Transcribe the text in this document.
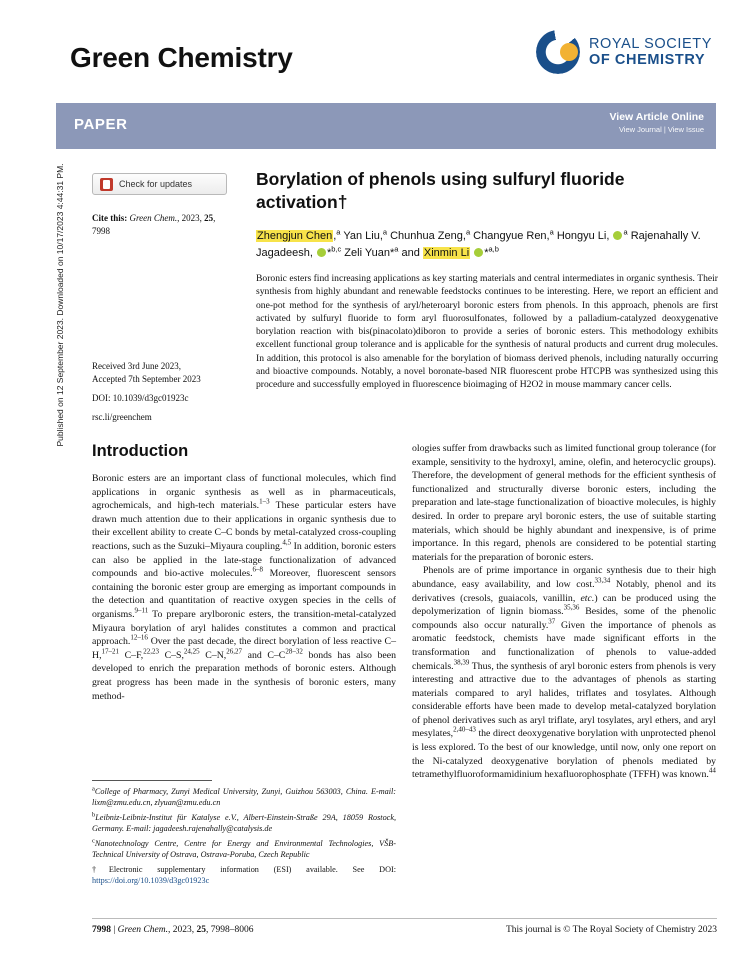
Published on 12 September 2023. Downloaded on 10/17/2023 4:44:31 PM.
Green Chemistry	ROYAL SOCIETY
OF CHEMISTRY
PAPER	View Article Online
View Journal | View Issue
Check for updates
Cite this: Green Chem., 2023, 25, 7998
Received 3rd June 2023,
Accepted 7th September 2023
DOI: 10.1039/d3gc01923c
rsc.li/greenchem
Borylation of phenols using sulfuryl fluoride activation†
Zhengjun Chen,$^a$ Yan Liu,$^a$ Chunhua Zeng,$^a$ Changyue Ren,$^a$ Hongyu Li, $^a$ Rajenahally V. Jagadeesh, *$^{b,c}$ Zeli Yuan*$^a$ and Xinmin Li *$^{a,b}$
Boronic esters find increasing applications as key starting materials and central intermediates in organic synthesis. Their synthesis from highly abundant and renewable feedstocks continues to be interesting. Here, we report an efficient and one-pot method for the synthesis of aryl/heteroaryl boronic esters from phenols. In this approach, phenols are first activated by sulfuryl fluoride to form aryl fluorosulfonates, followed by a palladium-catalyzed deoxygenative borylation reaction with bis(pinacolato)diboron to provide a series of boronic esters. This methodology exhibits excellent functional group tolerance and is applicable for the synthesis of natural products and current drug molecules. In addition, this protocol is also amenable for the borylation of biomass derived phenols, including naturally occurring and bioactive compounds. Notably, a novel boronate-based NIR fluorescent probe HTCPB was synthesized using this procedure and successfully employed in fluorescence bioimaging of H2O2 in mouse mammary cancer cells.
Introduction

Boronic esters are an important class of functional molecules, which find applications in organic synthesis as well as in pharmaceuticals, agrochemicals, and high-tech materials.$^{1-3}$ These particular esters have drawn much attention due to their applications in organic synthesis due to their excellent ability to create C–C bonds by metal-catalyzed cross-coupling reactions, such as the Suzuki–Miyaura coupling.$^{4,5}$ In addition, boronic esters can also be applied in the late-stage functionalization of advanced compounds and bio-active molecules.$^{6-8}$ Moreover, fluorescent sensors containing the boronic ester group are emerging as important compounds in the detection and quantitation of reactive oxygen species in the cells of organisms.$^{9-11}$ To prepare arylboronic esters, the transition-metal-catalyzed Miyaura borylation of aryl halides constitutes a common and practical approach.$^{12-16}$ Over the past decade, the direct borylation of less reactive C–H,$^{17-21}$ C–F,$^{22,23}$ C–S,$^{24,25}$ C–N,$^{26,27}$ and $C-C^{28-32}$ bonds has also been developed to enrich the preparation methods of boronic esters. Although great progress has been made in the synthesis of boronic esters, many method-

ologies suffer from drawbacks such as limited functional group tolerance (for example, sensitivity to the hydroxyl, amine, olefin, and heterocyclic groups). Therefore, the development of general methods for the efficient synthesis of functionalized and structurally diverse boronic esters, including the preparation and late-stage functionalization of bioactive molecules, is highly desired. In order to prepare aryl boronic esters, the use of suitable starting materials, which should be highly abundant and inexpensive, is of prime importance. In this regard, phenols are considered to be potential starting materials for the preparation of boronic esters.

Phenols are of prime importance in organic synthesis due to their high abundance, easy availability, and low cost.$^{33,34}$ Notably, phenol and its derivatives (cresols, guaiacols, vanillin, etc.) can be produced using the depolymerization of lignin biomass.$^{35,36}$ Besides, some of the phenolic compounds also occur naturally.$^{37}$ Given the importance of phenols as aromatic feedstock, chemists have made significant efforts in the transformation and functionalization of phenols to value-added chemicals.$^{38,39}$ Thus, the synthesis of aryl boronic esters from phenols is very interesting and attractive due to the advantages of phenols as starting materials compared to aryl halides, triflates and tosylates. Although considerable efforts have been made to develop metal-catalyzed borylation of phenol derivatives such as aryl triflate, aryl tosylates, aryl ethers, and aryl mesylates,$^{2,40-43}$ the direct deoxygenative borylation with unprotected phenol is less explored. To the best of our knowledge, until now, only one report on the Ni-catalyzed deoxygenative borylation of phenols mediated by tetramethylfluoroformamidinium hexafluorophosphate (TFFH) was known.$^{44}$

$^a$College of Pharmacy, Zunyi Medical University, Zunyi, Guizhou 563003, China. E-mail: lixm@zmu.edu.cn, zlyuan@zmu.edu.cn
$^b$Leibniz-Leibniz-Institut für Katalyse e.V., Albert-Einstein-Straße 29A, 18059 Rostock, Germany. E-mail: jagadeesh.rajenahally@catalysis.de
$^c$Nanotechnology Centre, Centre for Energy and Environmental Technologies, VŠB-Technical University of Ostrava, Ostrava-Poruba, Czech Republic
†Electronic supplementary information (ESI) available. See DOI: https://doi.org/10.1039/d3gc01923c
7998 | Green Chem., 2023, 25, 7998–8006	This journal is © The Royal Society of Chemistry 2023
